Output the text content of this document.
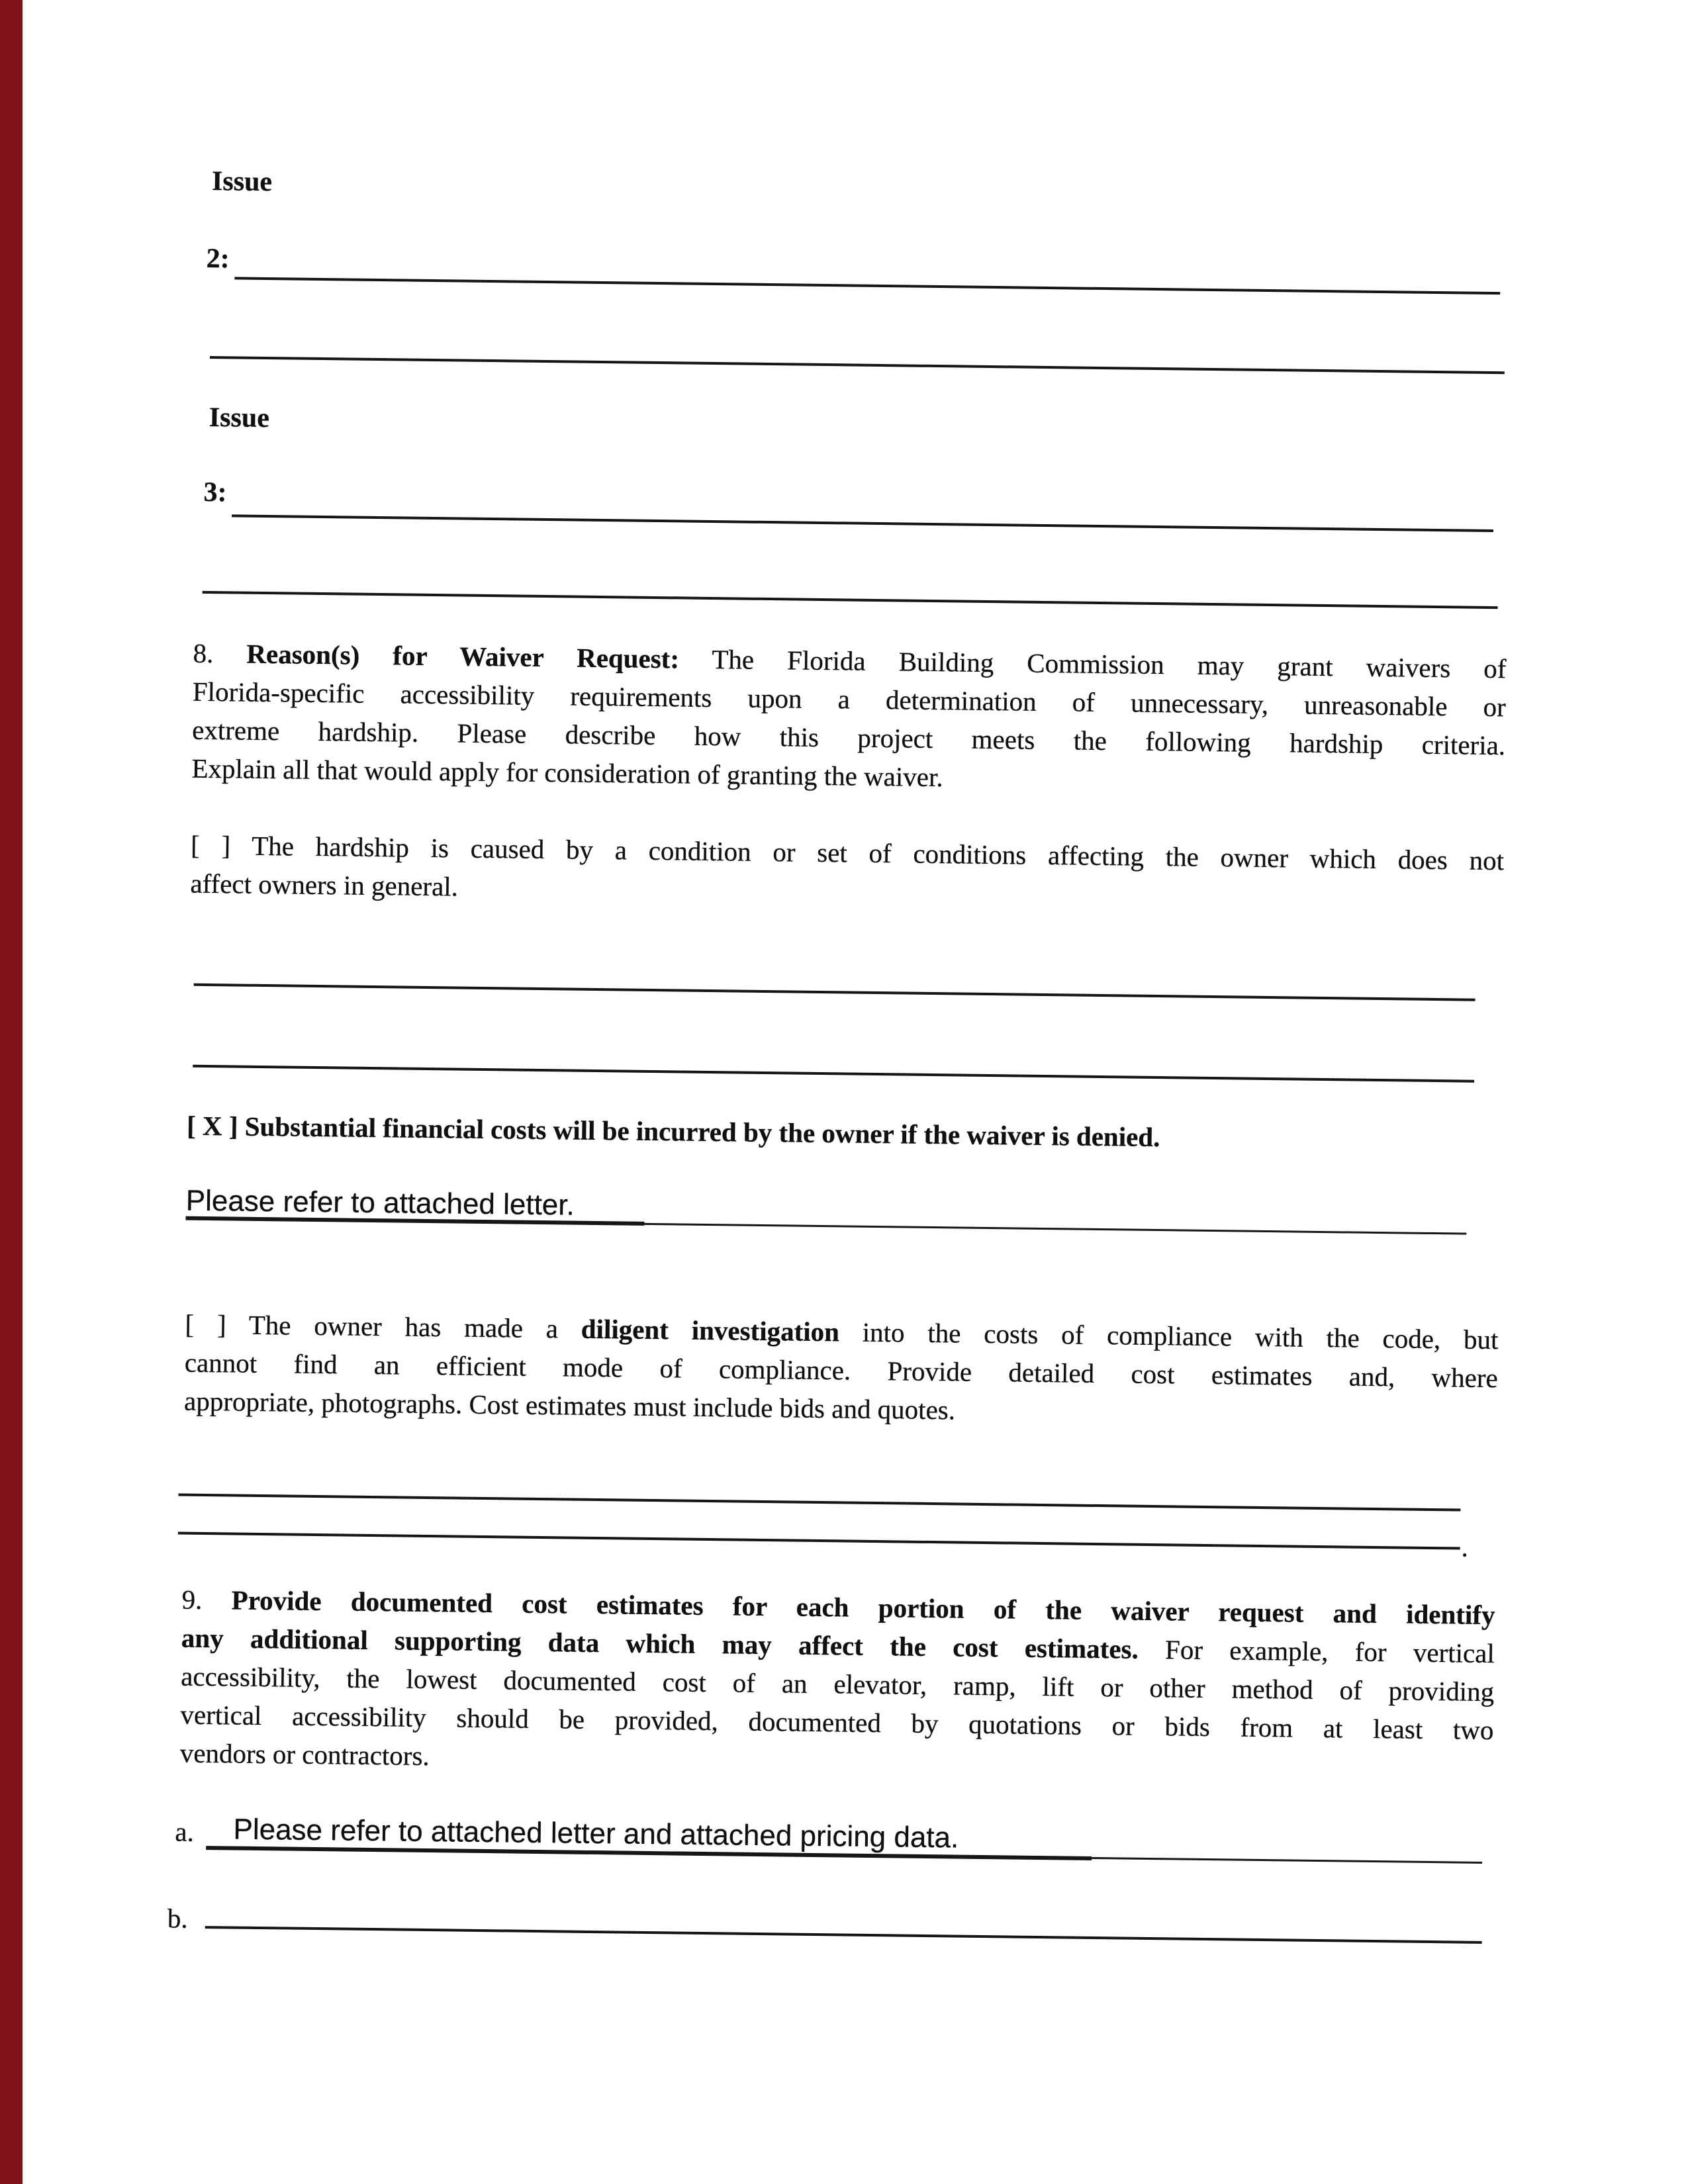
Issue
2:
Issue
3:
8. Reason(s) for Waiver Request: The Florida Building Commission may grant waivers of
Florida-specific accessibility requirements upon a determination of unnecessary, unreasonable or
extreme hardship. Please describe how this project meets the following hardship criteria.
Explain all that would apply for consideration of granting the waiver.
[ ] The hardship is caused by a condition or set of conditions affecting the owner which does not
affect owners in general.
[ X ] Substantial financial costs will be incurred by the owner if the waiver is denied.
Please refer to attached letter.
[ ] The owner has made a diligent investigation into the costs of compliance with the code, but
cannot find an efficient mode of compliance. Provide detailed cost estimates and, where
appropriate, photographs. Cost estimates must include bids and quotes.
.
9. Provide documented cost estimates for each portion of the waiver request and identify
any additional supporting data which may affect the cost estimates. For example, for vertical
accessibility, the lowest documented cost of an elevator, ramp, lift or other method of providing
vertical accessibility should be provided, documented by quotations or bids from at least two
vendors or contractors.
a. Please refer to attached letter and attached pricing data.
b.
